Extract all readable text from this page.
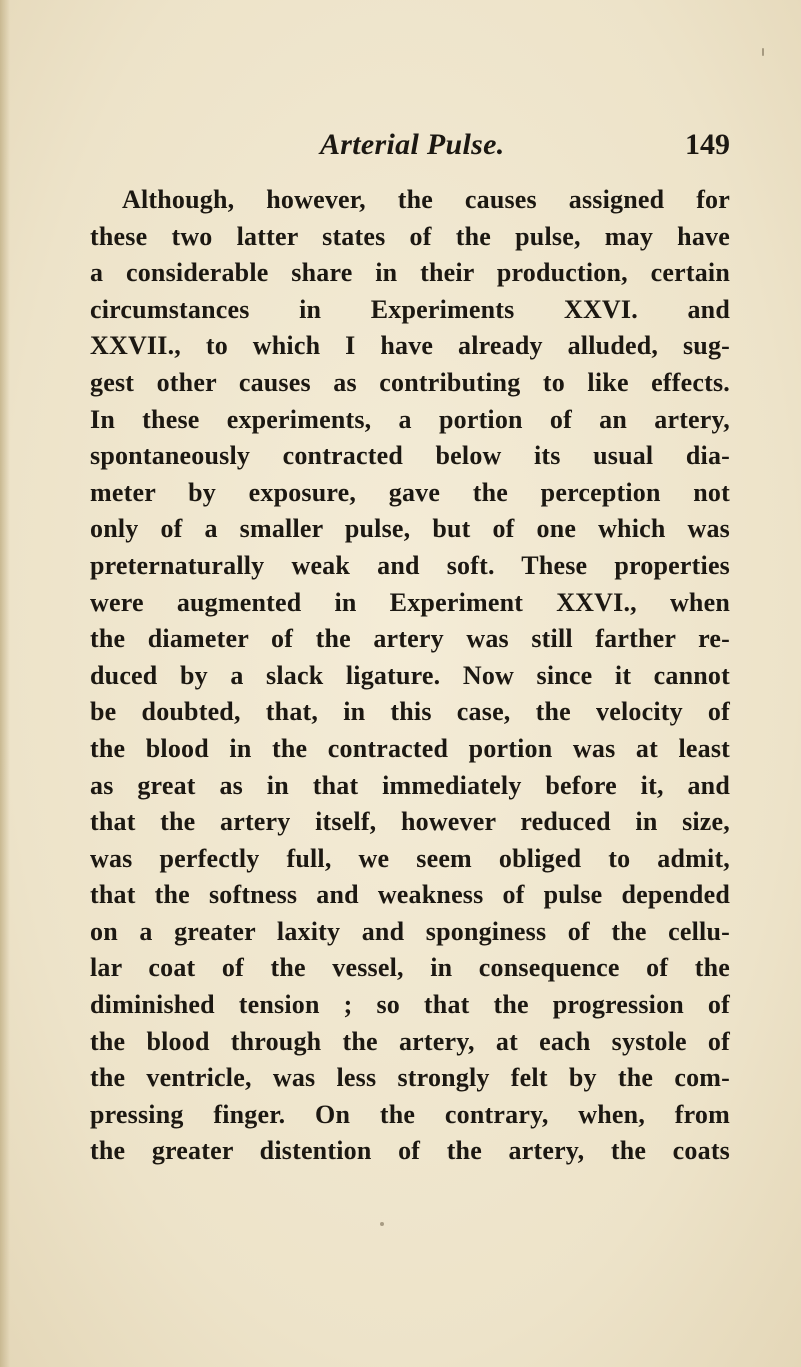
Arterial Pulse.	149
Although, however, the causes assigned for
these two latter states of the pulse, may have
a considerable share in their production, certain
circumstances in Experiments XXVI. and
XXVII., to which I have already alluded, sug-
gest other causes as contributing to like effects.
In these experiments, a portion of an artery,
spontaneously contracted below its usual dia-
meter by exposure, gave the perception not
only of a smaller pulse, but of one which was
preternaturally weak and soft. These properties
were augmented in Experiment XXVI., when
the diameter of the artery was still farther re-
duced by a slack ligature. Now since it cannot
be doubted, that, in this case, the velocity of
the blood in the contracted portion was at least
as great as in that immediately before it, and
that the artery itself, however reduced in size,
was perfectly full, we seem obliged to admit,
that the softness and weakness of pulse depended
on a greater laxity and sponginess of the cellu-
lar coat of the vessel, in consequence of the
diminished tension ; so that the progression of
the blood through the artery, at each systole of
the ventricle, was less strongly felt by the com-
pressing finger. On the contrary, when, from
the greater distention of the artery, the coats
